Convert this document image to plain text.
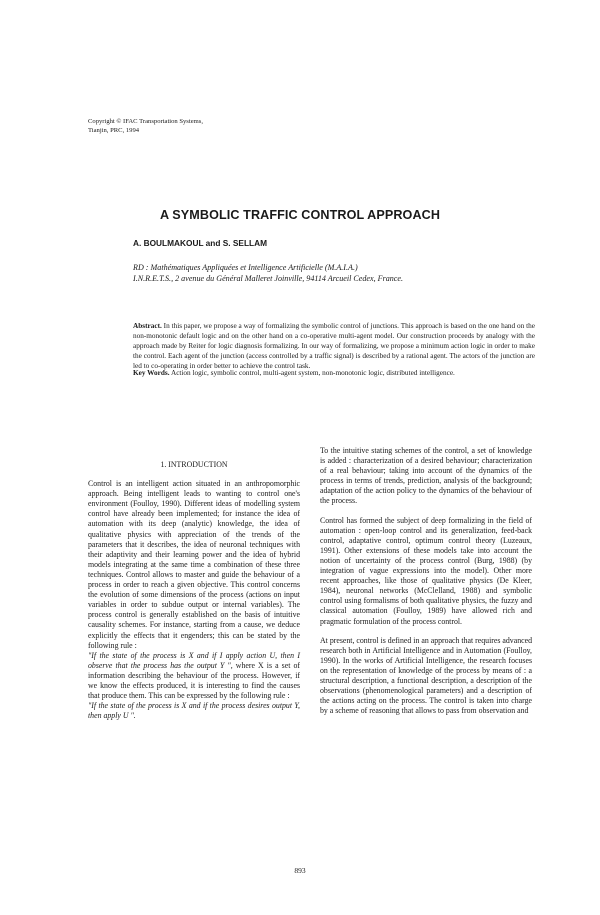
Copyright © IFAC Transportation Systems,
Tianjin, PRC, 1994
A SYMBOLIC TRAFFIC CONTROL APPROACH
A. BOULMAKOUL and S. SELLAM
RD : Mathématiques Appliquées et Intelligence Artificielle (M.A.I.A.)
I.N.R.E.T.S., 2 avenue du Général Malleret Joinville, 94114 Arcueil Cedex, France.

Abstract. In this paper, we propose a way of formalizing the symbolic control of junctions. This approach is based on the one hand on the non-monotonic default logic and on the other hand on a co-operative multi-agent model. Our construction proceeds by analogy with the approach made by Reiter for logic diagnosis formalizing. In our way of formalizing, we propose a minimum action logic in order to make the control. Each agent of the junction (access controlled by a traffic signal) is described by a rational agent. The actors of the junction are led to co-operating in order better to achieve the control task.

Key Words. Action logic, symbolic control, multi-agent system, non-monotonic logic, distributed intelligence.

1. INTRODUCTION

Control is an intelligent action situated in an anthropomorphic approach. Being intelligent leads to wanting to control one's environment (Foulloy, 1990). Different ideas of modelling system control have already been implemented; for instance the idea of automation with its deep (analytic) knowledge, the idea of qualitative physics with appreciation of the trends of the parameters that it describes, the idea of neuronal techniques with their adaptivity and their learning power and the idea of hybrid models integrating at the same time a combination of these three techniques. Control allows to master and guide the behaviour of a process in order to reach a given objective. This control concerns the evolution of some dimensions of the process (actions on input variables in order to subdue output or internal variables). The process control is generally established on the basis of intuitive causality schemes. For instance, starting from a cause, we deduce explicitly the effects that it engenders; this can be stated by the following rule :
"If the state of the process is X and if I apply action U, then I observe that the process has the output Y ", where X is a set of information describing the behaviour of the process. However, if we know the effects produced, it is interesting to find the causes that produce them. This can be expressed by the following rule :
"If the state of the process is X and if the process desires output Y, then apply U ".

To the intuitive stating schemes of the control, a set of knowledge is added : characterization of a desired behaviour; characterization of a real behaviour; taking into account of the dynamics of the process in terms of trends, prediction, analysis of the background; adaptation of the action policy to the dynamics of the behaviour of the process.

Control has formed the subject of deep formalizing in the field of automation : open-loop control and its generalization, feed-back control, adaptative control, optimum control theory (Luzeaux, 1991). Other extensions of these models take into account the notion of uncertainty of the process control (Burg, 1988) (by integration of vague expressions into the model). Other more recent approaches, like those of qualitative physics (De Kleer, 1984), neuronal networks (McClelland, 1988) and symbolic control using formalisms of both qualitative physics, the fuzzy and classical automation (Foulloy, 1989) have allowed rich and pragmatic formulation of the process control.

At present, control is defined in an approach that requires advanced research both in Artificial Intelligence and in Automation (Foulloy, 1990). In the works of Artificial Intelligence, the research focuses on the representation of knowledge of the process by means of : a structural description, a functional description, a description of the observations (phenomenological parameters) and a description of the actions acting on the process. The control is taken into charge by a scheme of reasoning that allows to pass from observation and

893
